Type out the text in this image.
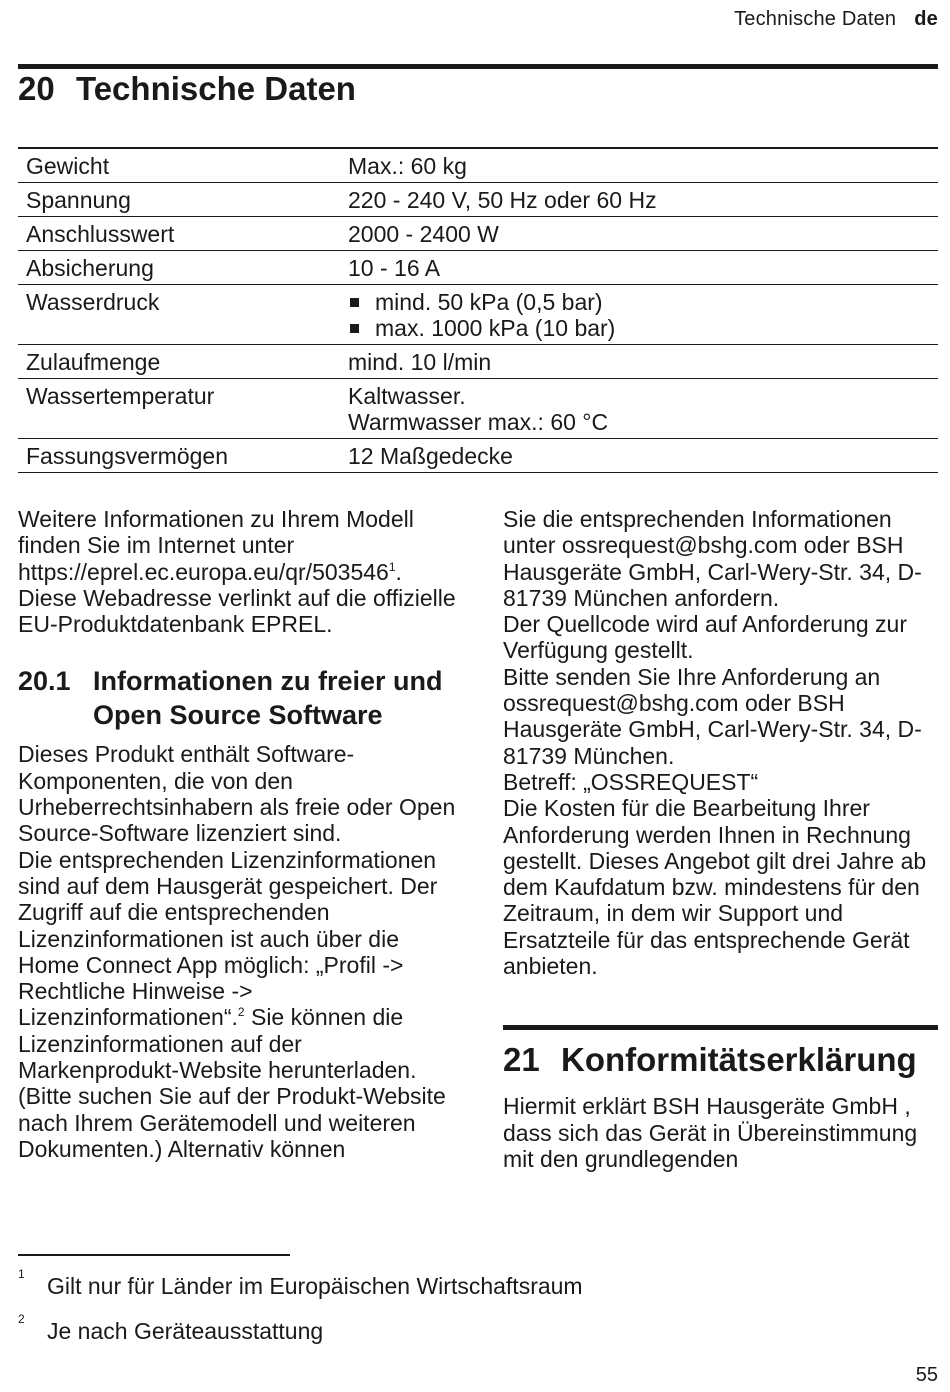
Technische Daten de
20 Technische Daten
Gewicht	Max.: 60 kg
Spannung	220 - 240 V, 50 Hz oder 60 Hz
Anschlusswert	2000 - 2400 W
Absicherung	10 - 16 A
Wasserdruck	mind. 50 kPa (0,5 bar)
max. 1000 kPa (10 bar)

Zulaufmenge	mind. 10 l/min
Wassertemperatur	Kaltwasser.
Warmwasser max.: 60 °C

Fassungsvermögen	12 Maßgedecke

Weitere Informationen zu Ihrem Modell finden Sie im Internet unter https://eprel.ec.europa.eu/qr/503546$^1$. Diese Webadresse verlinkt auf die offizielle EU-Produktdatenbank EPREL.

20.1 Informationen zu freier und Open Source Software

Dieses Produkt enthält Software-Komponenten, die von den Urheberrechtsinhabern als freie oder Open Source-Software lizenziert sind.

Die entsprechenden Lizenzinformationen sind auf dem Hausgerät gespeichert. Der Zugriff auf die entsprechenden Lizenzinformationen ist auch über die Home Connect App möglich: „Profil -> Rechtliche Hinweise -> Lizenzinformationen“.$^2$ Sie können die Lizenzinformationen auf der Markenprodukt-Website herunterladen. (Bitte suchen Sie auf der Produkt-Website nach Ihrem Gerätemodell und weiteren Dokumenten.) Alternativ können

Sie die entsprechenden Informationen unter ossrequest@bshg.com oder BSH Hausgeräte GmbH, Carl-Wery-Str. 34, D-81739 München anfordern.

Der Quellcode wird auf Anforderung zur Verfügung gestellt.

Bitte senden Sie Ihre Anforderung an ossrequest@bshg.com oder BSH Hausgeräte GmbH, Carl-Wery-Str. 34, D-81739 München.

Betreff: „OSSREQUEST“

Die Kosten für die Bearbeitung Ihrer Anforderung werden Ihnen in Rechnung gestellt. Dieses Angebot gilt drei Jahre ab dem Kaufdatum bzw. mindestens für den Zeitraum, in dem wir Support und Ersatzteile für das entsprechende Gerät anbieten.

21 Konformitätserklärung

Hiermit erklärt BSH Hausgeräte GmbH , dass sich das Gerät in Übereinstimmung mit den grundlegenden

1 Gilt nur für Länder im Europäischen Wirtschaftsraum
2 Je nach Geräteausstattung
55
